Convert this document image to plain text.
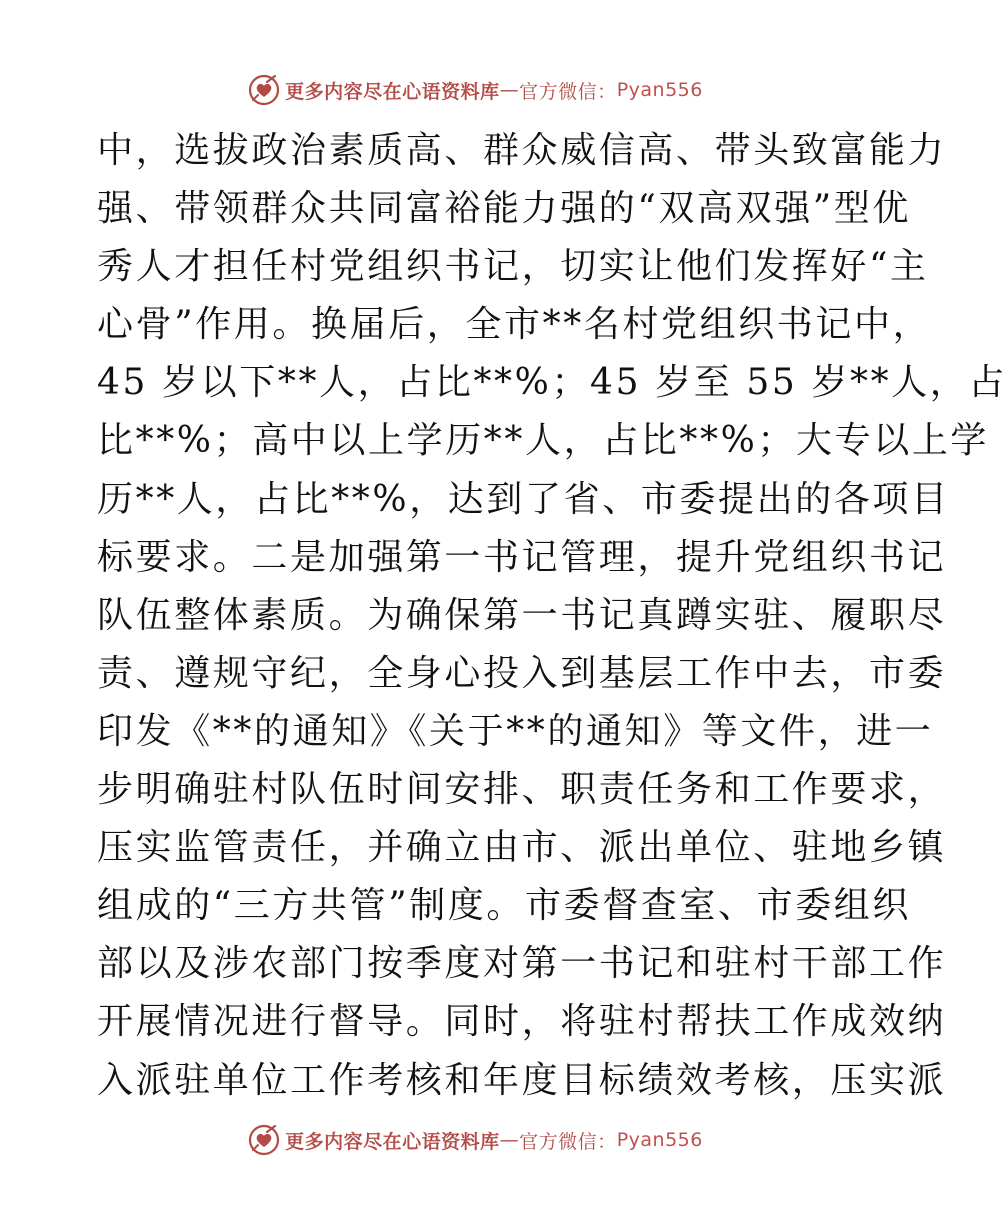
更多内容尽在心语资料库 — 官方微信： Pyan556
中，选拔政治素质高、群众威信高、带头致富能力
强、带领群众共同富裕能力强的“双高双强”型优
秀人才担任村党组织书记，切实让他们发挥好“主
心骨”作用。换届后，全市**名村党组织书记中，
45 岁以下**人，占比**%；45 岁至 55 岁**人，占
比**%；高中以上学历**人，占比**%；大专以上学
历**人，占比**%，达到了省、市委提出的各项目
标要求。二是加强第一书记管理，提升党组织书记
队伍整体素质。为确保第一书记真蹲实驻、履职尽
责、遵规守纪，全身心投入到基层工作中去，市委
印发《**的通知》《关于**的通知》等文件，进一
步明确驻村队伍时间安排、职责任务和工作要求，
压实监管责任，并确立由市、派出单位、驻地乡镇
组成的“三方共管”制度。市委督查室、市委组织
部以及涉农部门按季度对第一书记和驻村干部工作
开展情况进行督导。同时，将驻村帮扶工作成效纳
入派驻单位工作考核和年度目标绩效考核，压实派
更多内容尽在心语资料库 — 官方微信： Pyan556
